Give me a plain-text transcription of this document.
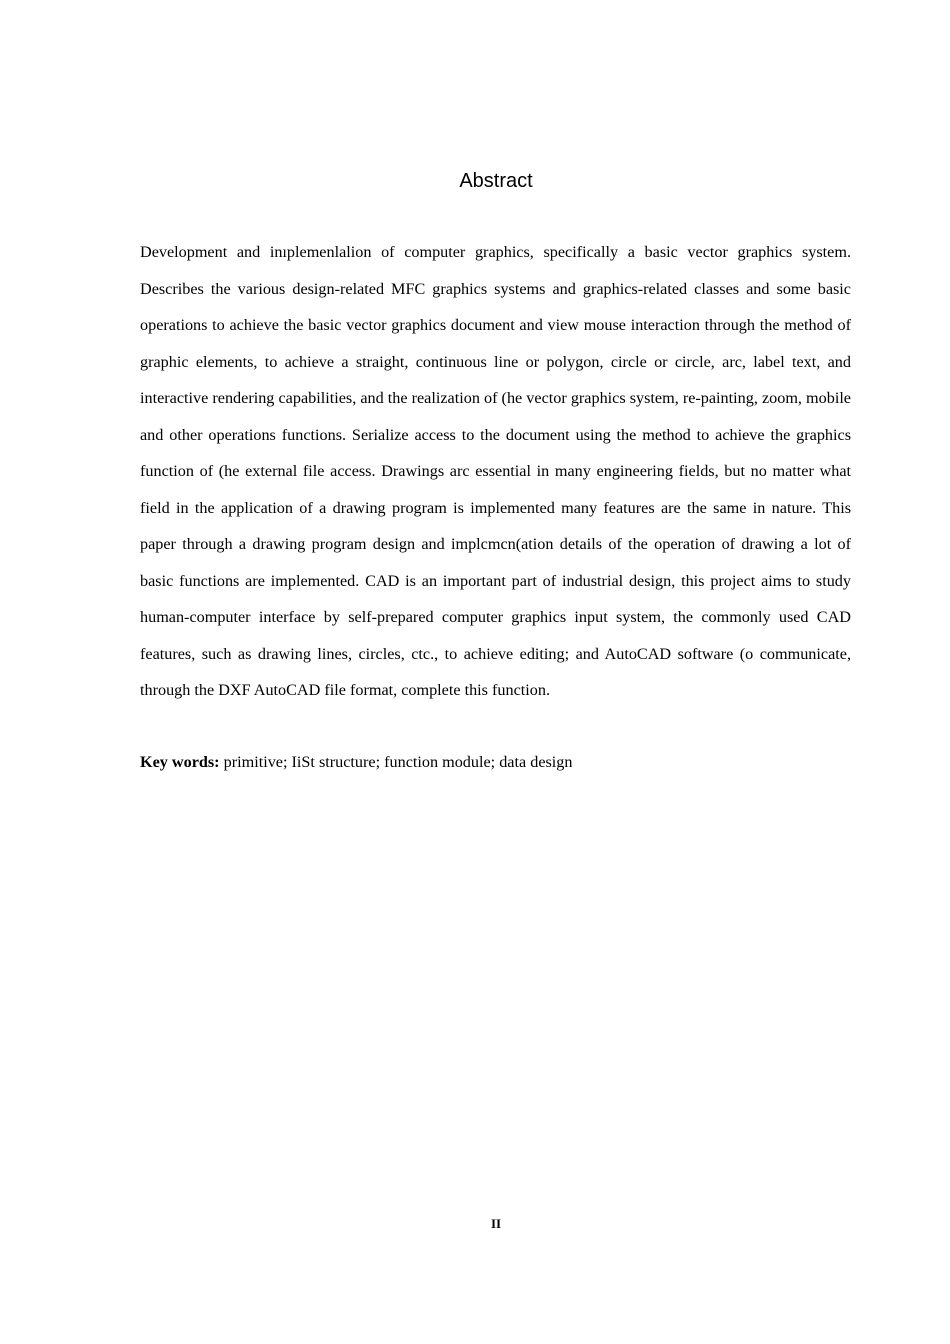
Abstract

Development and inıplemenlalion of computer graphics, specifically a basic vector graphics system. Describes the various design-related MFC graphics systems and graphics-related classes and some basic operations to achieve the basic vector graphics document and view mouse interaction through the method of graphic elements, to achieve a straight, continuous line or polygon, circle or circle, arc, label text, and interactive rendering capabilities, and the realization of (he vector graphics system, re-painting, zoom, mobile and other operations functions. Serialize access to the document using the method to achieve the graphics function of (he external file access. Drawings arc essential in many engineering fields, but no matter what field in the application of a drawing program is implemented many features are the same in nature. This paper through a drawing program design and implcmcn(ation details of the operation of drawing a lot of basic functions are implemented. CAD is an important part of industrial design, this project aims to study human-computer interface by self-prepared computer graphics input system, the commonly used CAD features, such as drawing lines, circles, ctc., to achieve editing; and AutoCAD software (o communicate, through the DXF AutoCAD file format, complete this function.

Key words: primitive; IiSt structure; function module; data design

II
